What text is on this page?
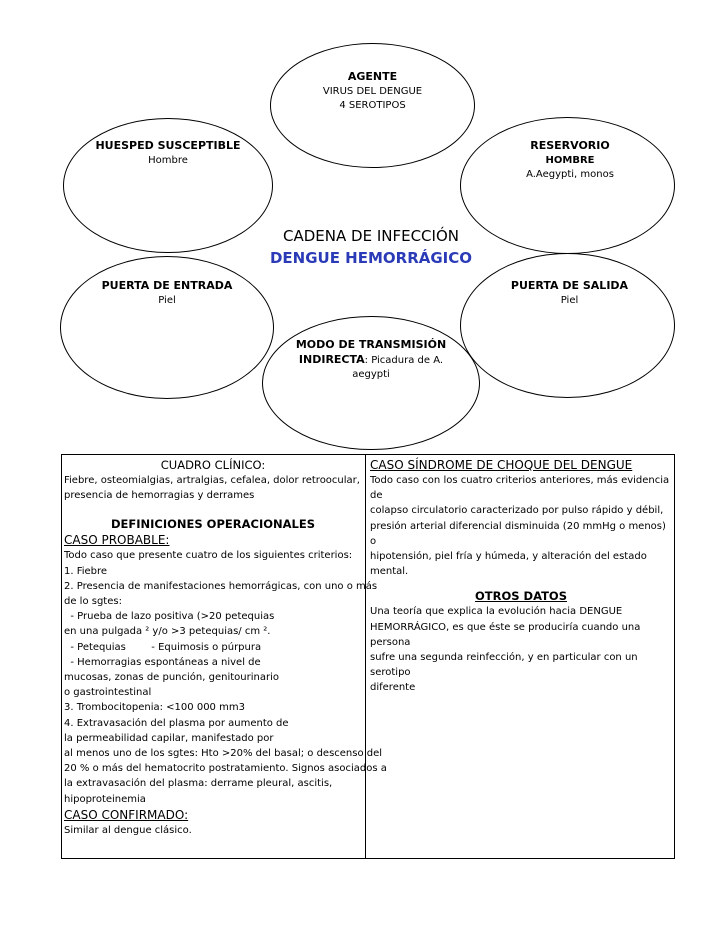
AGENTE
VIRUS DEL DENGUE
4 SEROTIPOS
HUESPED SUSCEPTIBLE
Hombre
RESERVORIO
HOMBRE
A.Aegypti, monos
CADENA DE INFECCIÓN
DENGUE HEMORRÁGICO
PUERTA DE ENTRADA
Piel
PUERTA DE SALIDA
Piel
MODO DE TRANSMISIÓN
INDIRECTA: Picadura de A.
aegypti

CUADRO CLÍNICO:

Fiebre, osteomialgias, artralgias, cefalea, dolor retroocular,

presencia de hemorragias y derrames

DEFINICIONES OPERACIONALES

CASO PROBABLE:

Todo caso que presente cuatro de los siguientes criterios:

1. Fiebre

2. Presencia de manifestaciones hemorrágicas, con uno o más

de lo sgtes:

- Prueba de lazo positiva (>20 petequias

en una pulgada ² y/o >3 petequias/ cm ².

- Petequias        - Equimosis o púrpura

- Hemorragias espontáneas a nivel de

mucosas, zonas de punción, genitourinario

o gastrointestinal

3. Trombocitopenia: <100 000 mm3

4. Extravasación del plasma por aumento de

la permeabilidad capilar, manifestado por

al menos uno de los sgtes: Hto >20% del basal; o descenso del

20 % o más del hematocrito postratamiento. Signos asociados a

la extravasación del plasma: derrame pleural, ascitis,

hipoproteinemia

CASO CONFIRMADO:

Similar al dengue clásico.

CASO SÍNDROME DE CHOQUE DEL DENGUE

Todo caso con los cuatro criterios anteriores, más evidencia de

colapso circulatorio caracterizado por pulso rápido y débil,

presión arterial diferencial disminuida (20 mmHg o menos) o

hipotensión, piel fría y húmeda, y alteración del estado mental.

OTROS DATOS

Una teoría que explica la evolución hacia DENGUE

HEMORRÁGICO, es que éste se produciría cuando una persona

sufre una segunda reinfección, y en particular con un serotipo

diferente
